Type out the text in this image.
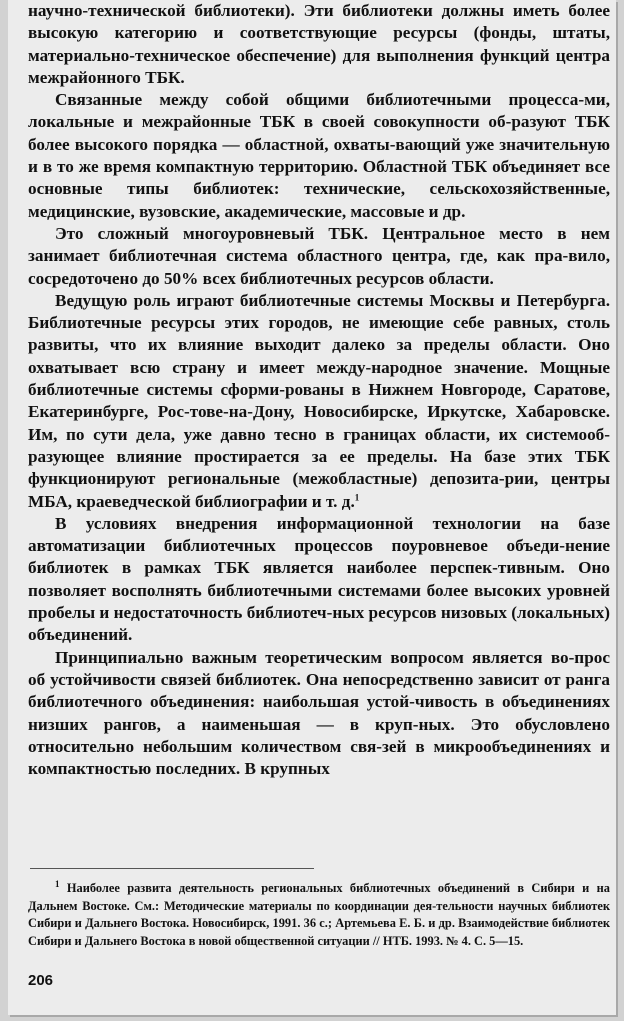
научно-технической библиотеки). Эти библиотеки должны иметь более высокую категорию и соответствующие ресурсы (фонды, штаты, материально-техническое обеспечение) для выполнения функций центра межрайонного ТБК.

Связанные между собой общими библиотечными процесса-ми, локальные и межрайонные ТБК в своей совокупности об-разуют ТБК более высокого порядка — областной, охваты-вающий уже значительную и в то же время компактную территорию. Областной ТБК объединяет все основные типы библиотек: технические, сельскохозяйственные, медицинские, вузовские, академические, массовые и др.

Это сложный многоуровневый ТБК. Центральное место в нем занимает библиотечная система областного центра, где, как пра-вило, сосредоточено до 50% всех библиотечных ресурсов области.

Ведущую роль играют библиотечные системы Москвы и Петербурга. Библиотечные ресурсы этих городов, не имеющие себе равных, столь развиты, что их влияние выходит далеко за пределы области. Оно охватывает всю страну и имеет между-народное значение. Мощные библиотечные системы сформи-рованы в Нижнем Новгороде, Саратове, Екатеринбурге, Рос-тове-на-Дону, Новосибирске, Иркутске, Хабаровске. Им, по сути дела, уже давно тесно в границах области, их системооб-разующее влияние простирается за ее пределы. На базе этих ТБК функционируют региональные (межобластные) депозита-рии, центры МБА, краеведческой библиографии и т. д.$^1$

В условиях внедрения информационной технологии на базе автоматизации библиотечных процессов поуровневое объеди-нение библиотек в рамках ТБК является наиболее перспек-тивным. Оно позволяет восполнять библиотечными системами более высоких уровней пробелы и недостаточность библиотеч-ных ресурсов низовых (локальных) объединений.

Принципиально важным теоретическим вопросом является во-прос об устойчивости связей библиотек. Она непосредственно зависит от ранга библиотечного объединения: наибольшая устой-чивость в объединениях низших рангов, а наименьшая — в круп-ных. Это обусловлено относительно небольшим количеством свя-зей в микрообъединениях и компактностью последних. В крупных

$^1$ Наиболее развита деятельность региональных библиотечных объединений в Сибири и на Дальнем Востоке. См.: Методические материалы по координации дея-тельности научных библиотек Сибири и Дальнего Востока. Новосибирск, 1991. 36 с.; Артемьева Е. Б. и др. Взаимодействие библиотек Сибири и Дальнего Востока в новой общественной ситуации // НТБ. 1993. № 4. С. 5—15.
206
